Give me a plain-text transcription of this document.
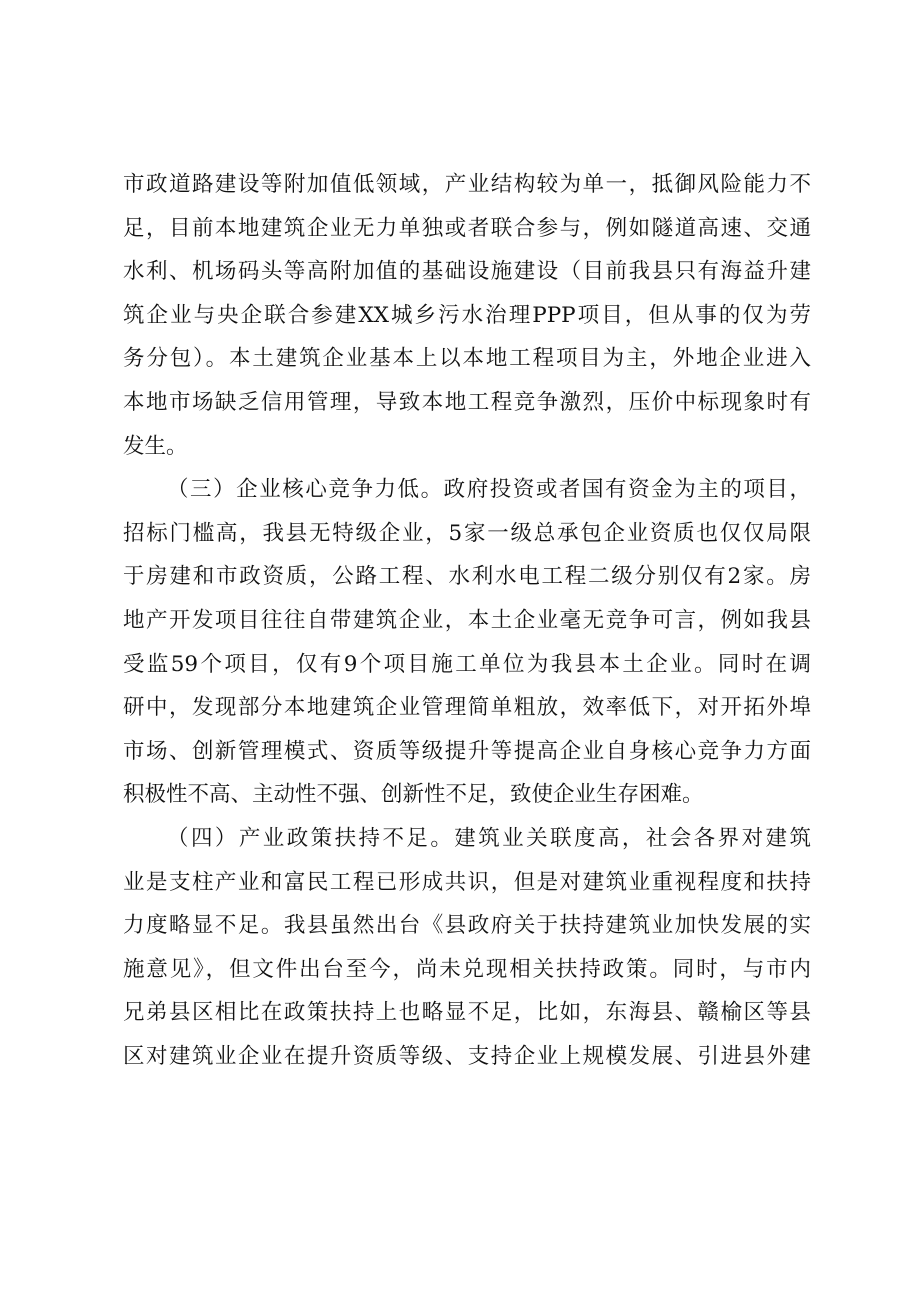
市政道路建设等附加值低领域，产业结构较为单一，抵御风险能力不
足，目前本地建筑企业无力单独或者联合参与，例如隧道高速、交通
水利、机场码头等高附加值的基础设施建设（目前我县只有海益升建
筑企业与央企联合参建XX城乡污水治理PPP项目，但从事的仅为劳
务分包）。本土建筑企业基本上以本地工程项目为主，外地企业进入
本地市场缺乏信用管理，导致本地工程竞争激烈，压价中标现象时有
发生。
（三）企业核心竞争力低。政府投资或者国有资金为主的项目，
招标门槛高，我县无特级企业，5家一级总承包企业资质也仅仅局限
于房建和市政资质，公路工程、水利水电工程二级分别仅有2家。房
地产开发项目往往自带建筑企业，本土企业毫无竞争可言，例如我县
受监59个项目，仅有9个项目施工单位为我县本土企业。同时在调
研中，发现部分本地建筑企业管理简单粗放，效率低下，对开拓外埠
市场、创新管理模式、资质等级提升等提高企业自身核心竞争力方面
积极性不高、主动性不强、创新性不足，致使企业生存困难。
（四）产业政策扶持不足。建筑业关联度高，社会各界对建筑
业是支柱产业和富民工程已形成共识，但是对建筑业重视程度和扶持
力度略显不足。我县虽然出台《县政府关于扶持建筑业加快发展的实
施意见》，但文件出台至今，尚未兑现相关扶持政策。同时，与市内
兄弟县区相比在政策扶持上也略显不足，比如，东海县、赣榆区等县
区对建筑业企业在提升资质等级、支持企业上规模发展、引进县外建
